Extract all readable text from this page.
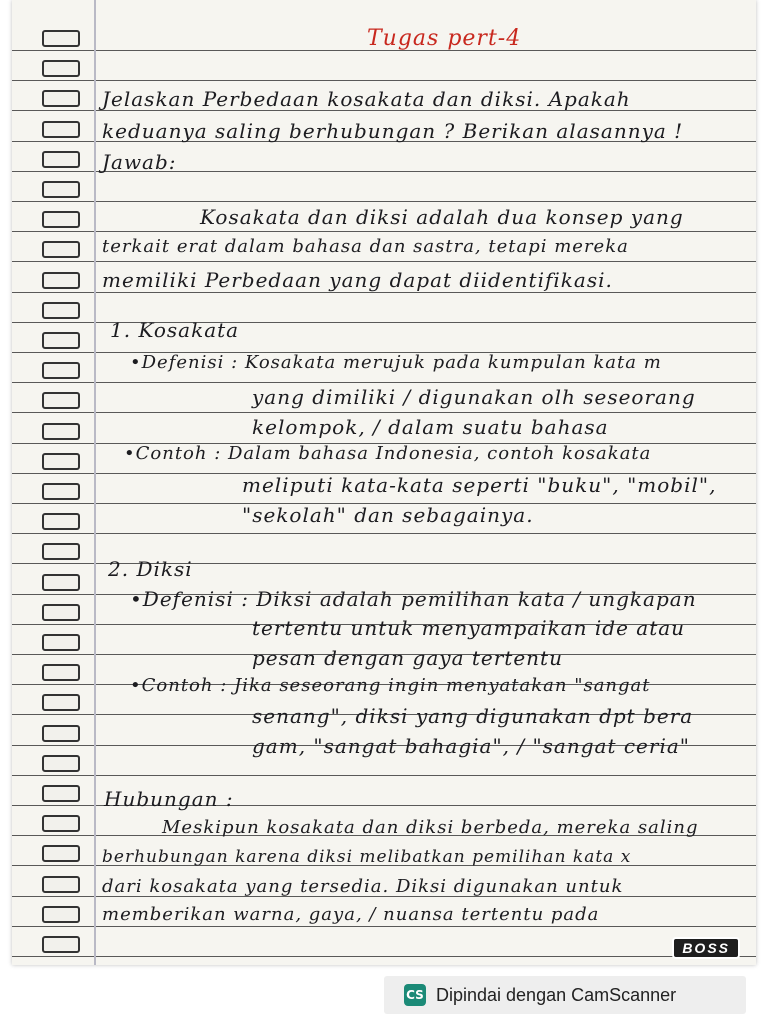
Tugas pert-4
Jelaskan Perbedaan kosakata dan diksi. Apakah
keduanya saling berhubungan ? Berikan alasannya !
Jawab:
Kosakata dan diksi adalah dua konsep yang
terkait erat dalam bahasa dan sastra, tetapi mereka
memiliki Perbedaan yang dapat diidentifikasi.
1. Kosakata
•Defenisi : Kosakata merujuk pada kumpulan kata m
yang dimiliki / digunakan olh seseorang
kelompok, / dalam suatu bahasa
•Contoh : Dalam bahasa Indonesia, contoh kosakata
meliputi kata-kata seperti "buku", "mobil",
"sekolah" dan sebagainya.
2. Diksi
•Defenisi : Diksi adalah pemilihan kata / ungkapan
tertentu untuk menyampaikan ide atau
pesan dengan gaya tertentu
•Contoh : Jika seseorang ingin menyatakan "sangat
senang", diksi yang digunakan dpt bera
gam, "sangat bahagia", / "sangat ceria"
Hubungan :
Meskipun kosakata dan diksi berbeda, mereka saling
berhubungan karena diksi melibatkan pemilihan kata x
dari kosakata yang tersedia. Diksi digunakan untuk
memberikan warna, gaya, / nuansa tertentu pada
BOSS
CS Dipindai dengan CamScanner
